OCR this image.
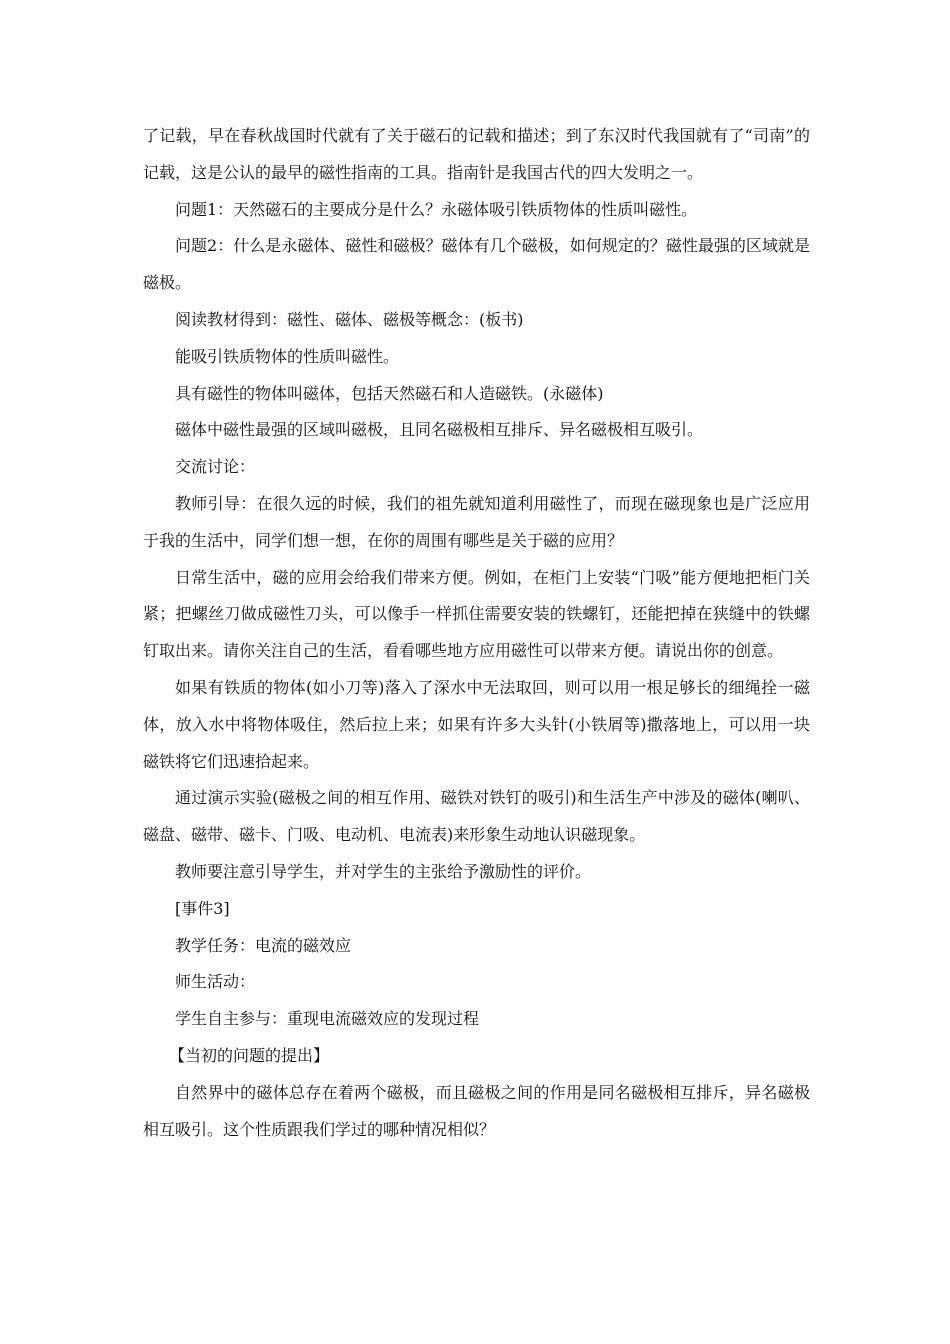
了记载，早在春秋战国时代就有了关于磁石的记载和描述；到了东汉时代我国就有了“司南”的记载，这是公认的最早的磁性指南的工具。指南针是我国古代的四大发明之一。

问题1：天然磁石的主要成分是什么？永磁体吸引铁质物体的性质叫磁性。

问题2：什么是永磁体、磁性和磁极？磁体有几个磁极，如何规定的？磁性最强的区域就是磁极。

阅读教材得到：磁性、磁体、磁极等概念：(板书)

能吸引铁质物体的性质叫磁性。

具有磁性的物体叫磁体，包括天然磁石和人造磁铁。(永磁体)

磁体中磁性最强的区域叫磁极，且同名磁极相互排斥、异名磁极相互吸引。

交流讨论：

教师引导：在很久远的时候，我们的祖先就知道利用磁性了，而现在磁现象也是广泛应用于我的生活中，同学们想一想，在你的周围有哪些是关于磁的应用？

日常生活中，磁的应用会给我们带来方便。例如，在柜门上安装“门吸”能方便地把柜门关紧；把螺丝刀做成磁性刀头，可以像手一样抓住需要安装的铁螺钉，还能把掉在狭缝中的铁螺钉取出来。请你关注自己的生活，看看哪些地方应用磁性可以带来方便。请说出你的创意。

如果有铁质的物体(如小刀等)落入了深水中无法取回，则可以用一根足够长的细绳拴一磁体，放入水中将物体吸住，然后拉上来；如果有许多大头针(小铁屑等)撒落地上，可以用一块磁铁将它们迅速拾起来。

通过演示实验(磁极之间的相互作用、磁铁对铁钉的吸引)和生活生产中涉及的磁体(喇叭、磁盘、磁带、磁卡、门吸、电动机、电流表)来形象生动地认识磁现象。

教师要注意引导学生，并对学生的主张给予激励性的评价。

[事件3]

教学任务：电流的磁效应

师生活动：

学生自主参与：重现电流磁效应的发现过程

【当初的问题的提出】

自然界中的磁体总存在着两个磁极，而且磁极之间的作用是同名磁极相互排斥，异名磁极相互吸引。这个性质跟我们学过的哪种情况相似？
